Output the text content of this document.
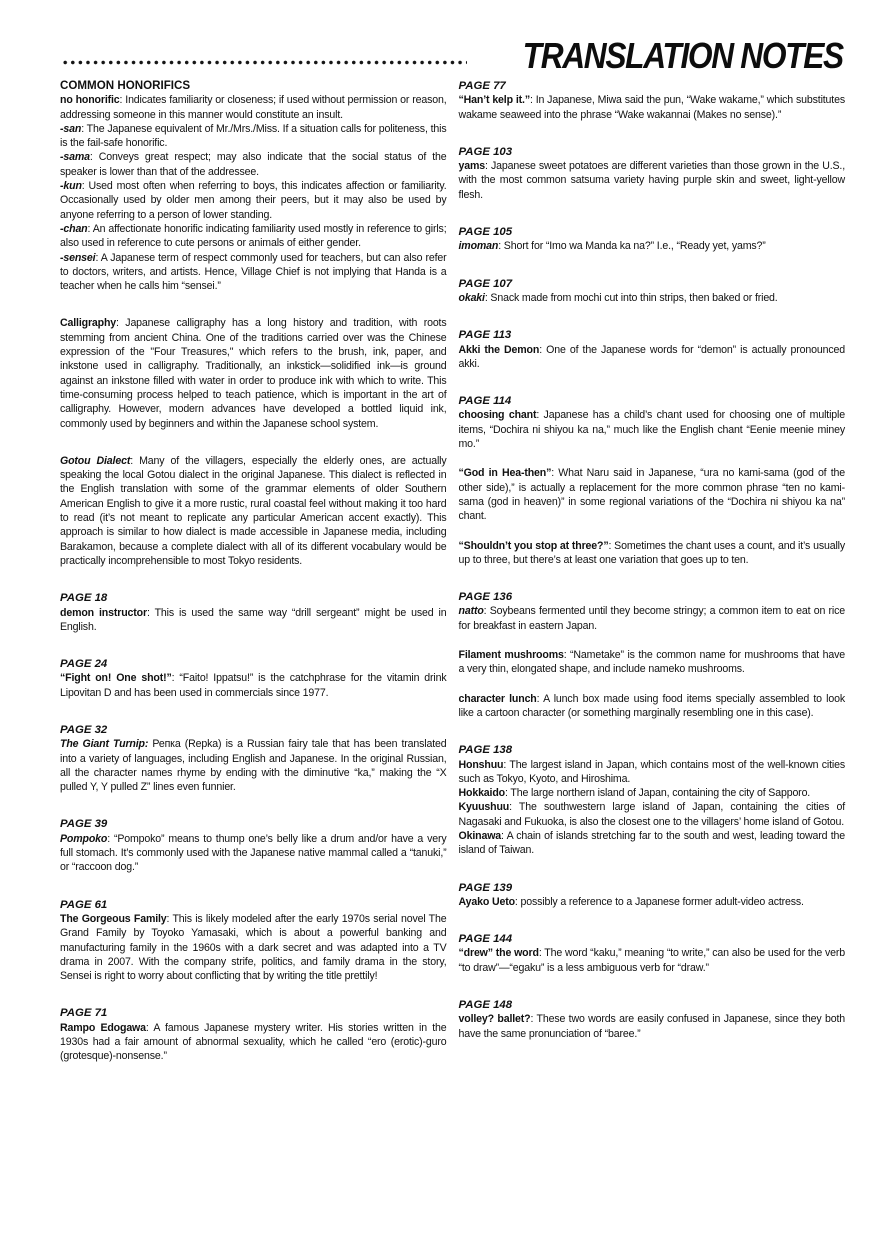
TRANSLATION NOTES
COMMON HONORIFICS

no honorific: Indicates familiarity or closeness; if used without permission or reason, addressing someone in this manner would constitute an insult.

-san: The Japanese equivalent of Mr./Mrs./Miss. If a situation calls for politeness, this is the fail-safe honorific.

-sama: Conveys great respect; may also indicate that the social status of the speaker is lower than that of the addressee.

-kun: Used most often when referring to boys, this indicates affection or familiarity. Occasionally used by older men among their peers, but it may also be used by anyone referring to a person of lower standing.

-chan: An affectionate honorific indicating familiarity used mostly in reference to girls; also used in reference to cute persons or animals of either gender.

-sensei: A Japanese term of respect commonly used for teachers, but can also refer to doctors, writers, and artists. Hence, Village Chief is not implying that Handa is a teacher when he calls him “sensei.”

Calligraphy: Japanese calligraphy has a long history and tradition, with roots stemming from ancient China. One of the traditions carried over was the Chinese expression of the "Four Treasures," which refers to the brush, ink, paper, and inkstone used in calligraphy. Traditionally, an inkstick—solidified ink—is ground against an inkstone filled with water in order to produce ink with which to write. This time-consuming process helped to teach patience, which is important in the art of calligraphy. However, modern advances have developed a bottled liquid ink, commonly used by beginners and within the Japanese school system.

Gotou Dialect: Many of the villagers, especially the elderly ones, are actually speaking the local Gotou dialect in the original Japanese. This dialect is reflected in the English translation with some of the grammar elements of older Southern American English to give it a more rustic, rural coastal feel without making it too hard to read (it’s not meant to replicate any particular American accent exactly). This approach is similar to how dialect is made accessible in Japanese media, including Barakamon, because a complete dialect with all of its different vocabulary would be practically incomprehensible to most Tokyo residents.

PAGE 18

demon instructor: This is used the same way “drill sergeant” might be used in English.

PAGE 24

“Fight on! One shot!”: “Faito! Ippatsu!” is the catchphrase for the vitamin drink Lipovitan D and has been used in commercials since 1977.

PAGE 32

The Giant Turnip: Репка (Repka) is a Russian fairy tale that has been translated into a variety of languages, including English and Japanese. In the original Russian, all the character names rhyme by ending with the diminutive “ka,” making the “X pulled Y, Y pulled Z” lines even funnier.

PAGE 39

Pompoko: “Pompoko” means to thump one’s belly like a drum and/or have a very full stomach. It’s commonly used with the Japanese native mammal called a “tanuki,” or “raccoon dog.”

PAGE 61

The Gorgeous Family: This is likely modeled after the early 1970s serial novel The Grand Family by Toyoko Yamasaki, which is about a powerful banking and manufacturing family in the 1960s with a dark secret and was adapted into a TV drama in 2007. With the company strife, politics, and family drama in the story, Sensei is right to worry about conflicting that by writing the title prettily!

PAGE 71

Rampo Edogawa: A famous Japanese mystery writer. His stories written in the 1930s had a fair amount of abnormal sexuality, which he called “ero (erotic)-guro (grotesque)-nonsense.”

PAGE 77

“Han’t kelp it.”: In Japanese, Miwa said the pun, “Wake wakame,” which substitutes wakame seaweed into the phrase “Wake wakannai (Makes no sense).”

PAGE 103

yams: Japanese sweet potatoes are different varieties than those grown in the U.S., with the most common satsuma variety having purple skin and sweet, light-yellow flesh.

PAGE 105

imoman: Short for “Imo wa Manda ka na?” I.e., “Ready yet, yams?”

PAGE 107

okaki: Snack made from mochi cut into thin strips, then baked or fried.

PAGE 113

Akki the Demon: One of the Japanese words for “demon” is actually pronounced akki.

PAGE 114

choosing chant: Japanese has a child’s chant used for choosing one of multiple items, “Dochira ni shiyou ka na,” much like the English chant “Eenie meenie miney mo.”

“God in Hea-then”: What Naru said in Japanese, “ura no kami-sama (god of the other side),” is actually a replacement for the more common phrase “ten no kami-sama (god in heaven)” in some regional variations of the “Dochira ni shiyou ka na” chant.

“Shouldn’t you stop at three?”: Sometimes the chant uses a count, and it’s usually up to three, but there’s at least one variation that goes up to ten.

PAGE 136

natto: Soybeans fermented until they become stringy; a common item to eat on rice for breakfast in eastern Japan.

Filament mushrooms: “Nametake” is the common name for mushrooms that have a very thin, elongated shape, and include nameko mushrooms.

character lunch: A lunch box made using food items specially assembled to look like a cartoon character (or something marginally resembling one in this case).

PAGE 138

Honshuu: The largest island in Japan, which contains most of the well-known cities such as Tokyo, Kyoto, and Hiroshima.

Hokkaido: The large northern island of Japan, containing the city of Sapporo.

Kyuushuu: The southwestern large island of Japan, containing the cities of Nagasaki and Fukuoka, is also the closest one to the villagers’ home island of Gotou.

Okinawa: A chain of islands stretching far to the south and west, leading toward the island of Taiwan.

PAGE 139

Ayako Ueto: possibly a reference to a Japanese former adult-video actress.

PAGE 144

“drew” the word: The word “kaku,” meaning “to write,” can also be used for the verb “to draw”—“egaku” is a less ambiguous verb for “draw.”

PAGE 148

volley? ballet?: These two words are easily confused in Japanese, since they both have the same pronunciation of “baree.”
